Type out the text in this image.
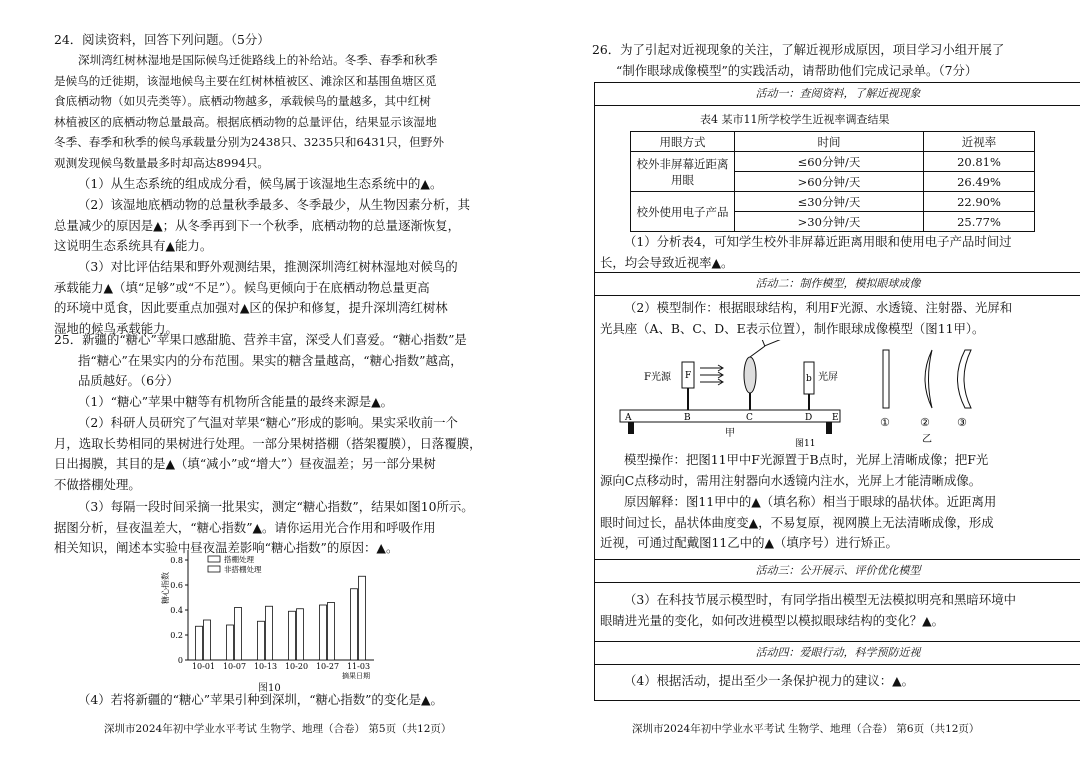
24．阅读资料，回答下列问题。（5分）
深圳湾红树林湿地是国际候鸟迁徙路线上的补给站。冬季、春季和秋季
是候鸟的迁徙期，该湿地候鸟主要在红树林植被区、滩涂区和基围鱼塘区觅
食底栖动物（如贝壳类等）。底栖动物越多，承载候鸟的量越多，其中红树
林植被区的底栖动物总量最高。根据底栖动物的总量评估，结果显示该湿地
冬季、春季和秋季的候鸟承载量分别为2438只、3235只和6431只，但野外
观测发现候鸟数量最多时却高达8994只。
（1）从生态系统的组成成分看，候鸟属于该湿地生态系统中的▲。
（2）该湿地底栖动物的总量秋季最多、冬季最少，从生物因素分析，其
总量减少的原因是▲；从冬季再到下一个秋季，底栖动物的总量逐渐恢复，
这说明生态系统具有▲能力。
（3）对比评估结果和野外观测结果，推测深圳湾红树林湿地对候鸟的
承载能力▲（填“足够”或“不足”）。候鸟更倾向于在底栖动物总量更高
的环境中觅食，因此要重点加强对▲区的保护和修复，提升深圳湾红树林
湿地的候鸟承载能力。
25．新疆的“糖心”苹果口感甜脆、营养丰富，深受人们喜爱。“糖心指数”是
指“糖心”在果实内的分布范围。果实的糖含量越高，“糖心指数”越高，
品质越好。（6分）
（1）“糖心”苹果中糖等有机物所含能量的最终来源是▲。
（2）科研人员研究了气温对苹果“糖心”形成的影响。果实采收前一个
月，选取长势相同的果树进行处理。一部分果树搭棚（搭架覆膜），日落覆膜，
日出揭膜，其目的是▲（填“减小”或“增大”）昼夜温差；另一部分果树
不做搭棚处理。
（3）每隔一段时间采摘一批果实，测定“糖心指数”，结果如图10所示。
据图分析，昼夜温差大，“糖心指数”▲。请你运用光合作用和呼吸作用
相关知识，阐述本实验中昼夜温差影响“糖心指数”的原因：▲。
0
0.2
0.4
0.6
0.8
糖心指数
10-01 10-07 10-13 10-20 10-27 11-03
摘果日期
搭棚处理
非搭棚处理
图10
（4）若将新疆的“糖心”苹果引种到深圳，“糖心指数”的变化是▲。
深圳市2024年初中学业水平考试 生物学、地理（合卷） 第5页（共12页）
26．为了引起对近视现象的关注，了解近视形成原因，项目学习小组开展了
“制作眼球成像模型”的实践活动，请帮助他们完成记录单。（7分）
活动一：查阅资料，了解近视现象
表4 某市11所学校学生近视率调查结果
用眼方式	时间	近视率
校外非屏幕近距离用眼	≤60分钟/天	20.81%
	>60分钟/天	26.49%
校外使用电子产品	≤30分钟/天	22.90%
	>30分钟/天	25.77%
（1）分析表4，可知学生校外非屏幕近距离用眼和使用电子产品时间过
长，均会导致近视率▲。
活动二：制作模型，模拟眼球成像
（2）模型制作：根据眼球结构，利用F光源、水透镜、注射器、光屏和
光具座（A、B、C、D、E表示位置），制作眼球成像模型（图11甲）。
F光源 F	b 光屏
A	B	C	D E
甲
①	② ③
乙
图11
模型操作：把图11甲中F光源置于B点时，光屏上清晰成像；把F光
源向C点移动时，需用注射器向水透镜内注水，光屏上才能清晰成像。
原因解释：图11甲中的▲（填名称）相当于眼球的晶状体。近距离用
眼时间过长，晶状体曲度变▲，不易复原，视网膜上无法清晰成像，形成
近视，可通过配戴图11乙中的▲（填序号）进行矫正。
活动三：公开展示、评价优化模型
（3）在科技节展示模型时，有同学指出模型无法模拟明亮和黑暗环境中
眼睛进光量的变化，如何改进模型以模拟眼球结构的变化？▲。
活动四：爱眼行动，科学预防近视
（4）根据活动，提出至少一条保护视力的建议：▲。
深圳市2024年初中学业水平考试 生物学、地理（合卷） 第6页（共12页）
